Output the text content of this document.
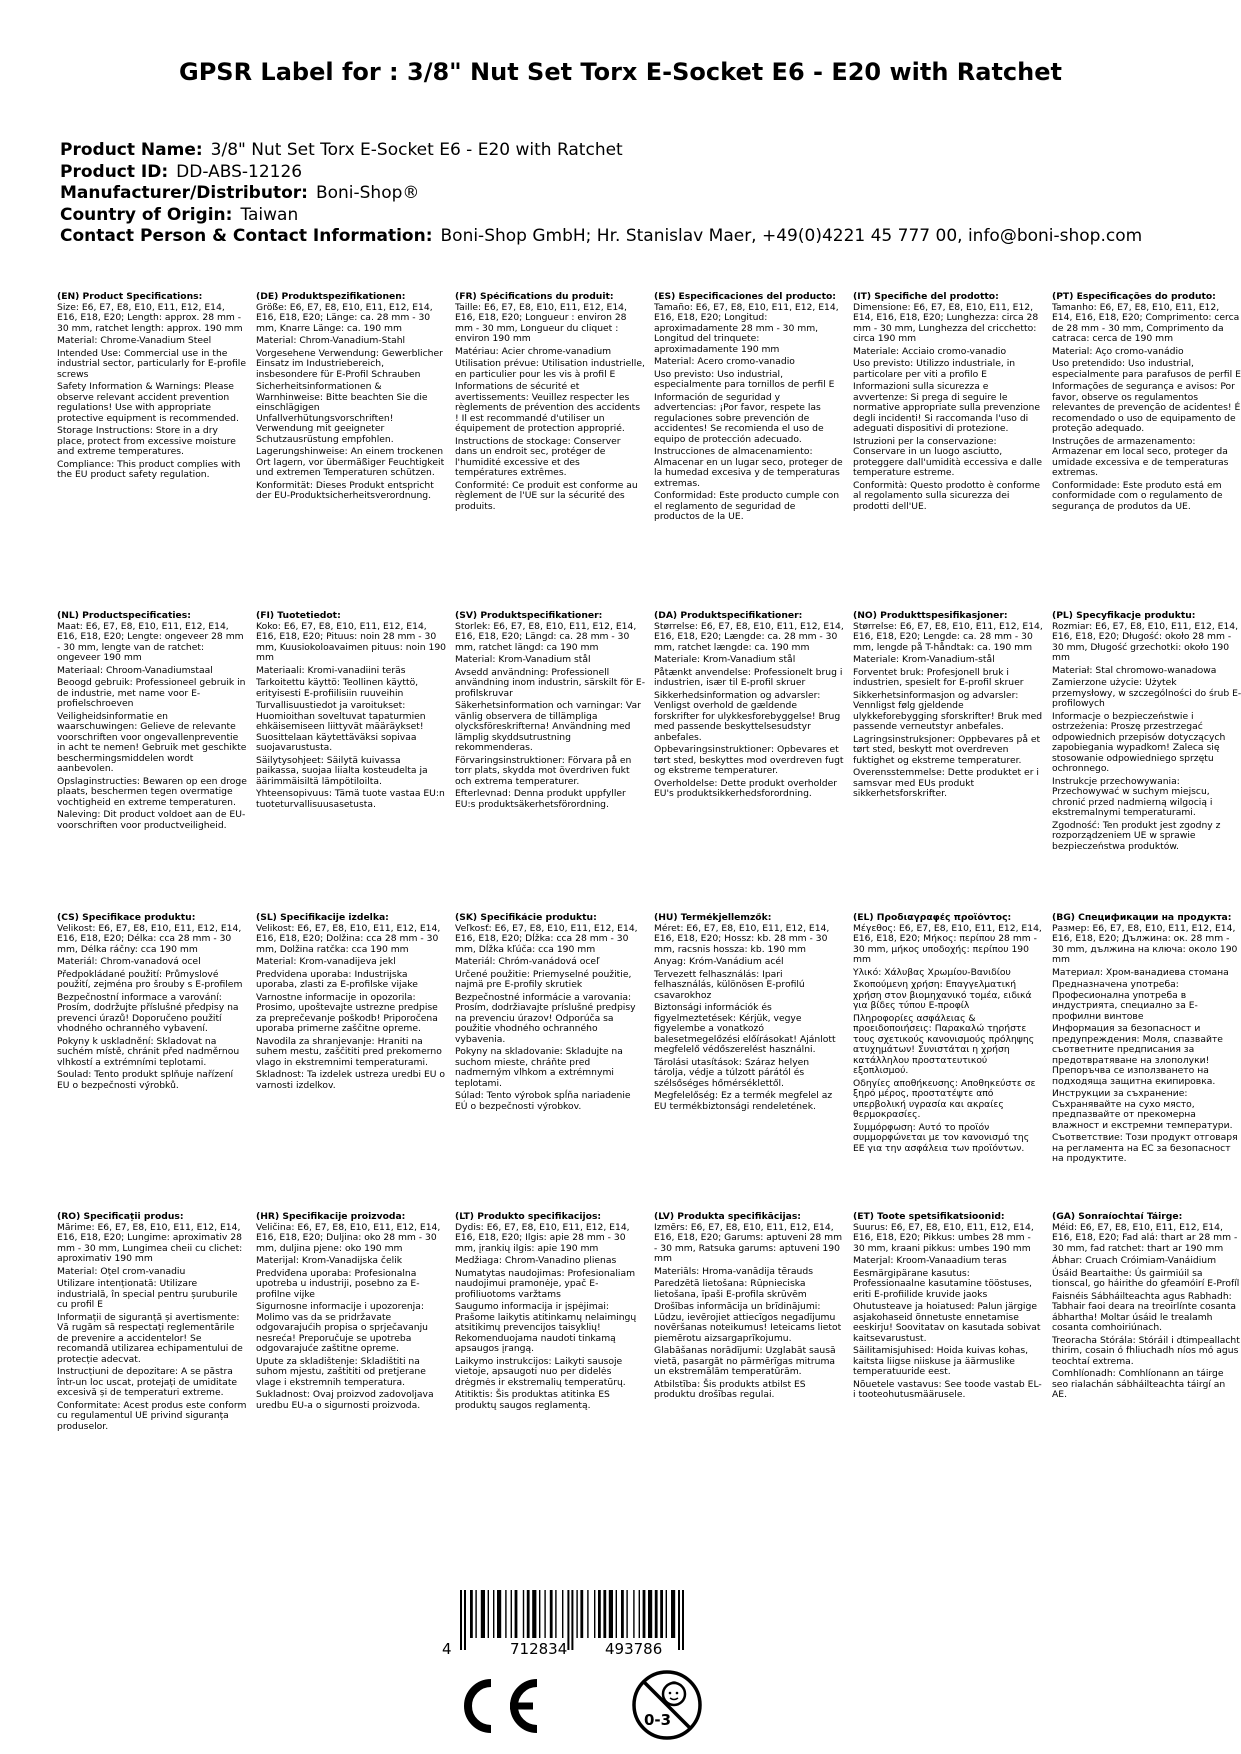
GPSR Label for : 3/8" Nut Set Torx E-Socket E6 - E20 with Ratchet
Product Name: 3/8" Nut Set Torx E-Socket E6 - E20 with Ratchet
Product ID: DD-ABS-12126
Manufacturer/Distributor: Boni-Shop®
Country of Origin: Taiwan
Contact Person & Contact Information: Boni-Shop GmbH; Hr. Stanislav Maer, +49(0)4221 45 777 00, info@boni-shop.com
(EN) Product Specifications:

Size: E6, E7, E8, E10, E11, E12, E14, E16, E18, E20; Length: approx. 28 mm - 30 mm, ratchet length: approx. 190 mm

Material: Chrome-Vanadium Steel

Intended Use: Commercial use in the industrial sector, particularly for E-profile screws

Safety Information & Warnings: Please observe relevant accident prevention regulations! Use with appropriate protective equipment is recommended.

Storage Instructions: Store in a dry place, protect from excessive moisture and extreme temperatures.

Compliance: This product complies with the EU product safety regulation.

(DE) Produktspezifikationen:

Größe: E6, E7, E8, E10, E11, E12, E14, E16, E18, E20; Länge: ca. 28 mm - 30 mm, Knarre Länge: ca. 190 mm

Material: Chrom-Vanadium-Stahl

Vorgesehene Verwendung: Gewerblicher Einsatz im Industriebereich, insbesondere für E-Profil Schrauben

Sicherheitsinformationen & Warnhinweise: Bitte beachten Sie die einschlägigen Unfallverhütungsvorschriften! Verwendung mit geeigneter Schutzausrüstung empfohlen.

Lagerungshinweise: An einem trockenen Ort lagern, vor übermäßiger Feuchtigkeit und extremen Temperaturen schützen.

Konformität: Dieses Produkt entspricht der EU-Produktsicherheitsverordnung.

(FR) Spécifications du produit:

Taille: E6, E7, E8, E10, E11, E12, E14, E16, E18, E20; Longueur : environ 28 mm - 30 mm, Longueur du cliquet : environ 190 mm

Matériau: Acier chrome-vanadium

Utilisation prévue: Utilisation industrielle, en particulier pour les vis à profil E

Informations de sécurité et avertissements: Veuillez respecter les règlements de prévention des accidents ! Il est recommandé d'utiliser un équipement de protection approprié.

Instructions de stockage: Conserver dans un endroit sec, protéger de l'humidité excessive et des températures extrêmes.

Conformité: Ce produit est conforme au règlement de l'UE sur la sécurité des produits.

(ES) Especificaciones del producto:

Tamaño: E6, E7, E8, E10, E11, E12, E14, E16, E18, E20; Longitud: aproximadamente 28 mm - 30 mm, Longitud del trinquete: aproximadamente 190 mm

Material: Acero cromo-vanadio

Uso previsto: Uso industrial, especialmente para tornillos de perfil E

Información de seguridad y advertencias: ¡Por favor, respete las regulaciones sobre prevención de accidentes! Se recomienda el uso de equipo de protección adecuado.

Instrucciones de almacenamiento: Almacenar en un lugar seco, proteger de la humedad excesiva y de temperaturas extremas.

Conformidad: Este producto cumple con el reglamento de seguridad de productos de la UE.

(IT) Specifiche del prodotto:

Dimensione: E6, E7, E8, E10, E11, E12, E14, E16, E18, E20; Lunghezza: circa 28 mm - 30 mm, Lunghezza del cricchetto: circa 190 mm

Materiale: Acciaio cromo-vanadio

Uso previsto: Utilizzo industriale, in particolare per viti a profilo E

Informazioni sulla sicurezza e avvertenze: Si prega di seguire le normative appropriate sulla prevenzione degli incidenti! Si raccomanda l'uso di adeguati dispositivi di protezione.

Istruzioni per la conservazione: Conservare in un luogo asciutto, proteggere dall'umidità eccessiva e dalle temperature estreme.

Conformità: Questo prodotto è conforme al regolamento sulla sicurezza dei prodotti dell'UE.

(PT) Especificações do produto:

Tamanho: E6, E7, E8, E10, E11, E12, E14, E16, E18, E20; Comprimento: cerca de 28 mm - 30 mm, Comprimento da catraca: cerca de 190 mm

Material: Aço cromo-vanádio

Uso pretendido: Uso industrial, especialmente para parafusos de perfil E

Informações de segurança e avisos: Por favor, observe os regulamentos relevantes de prevenção de acidentes! É recomendado o uso de equipamento de proteção adequado.

Instruções de armazenamento: Armazenar em local seco, proteger da umidade excessiva e de temperaturas extremas.

Conformidade: Este produto está em conformidade com o regulamento de segurança de produtos da UE.

(NL) Productspecificaties:

Maat: E6, E7, E8, E10, E11, E12, E14, E16, E18, E20; Lengte: ongeveer 28 mm - 30 mm, lengte van de ratchet: ongeveer 190 mm

Materiaal: Chroom-Vanadiumstaal

Beoogd gebruik: Professioneel gebruik in de industrie, met name voor E-profielschroeven

Veiligheidsinformatie en waarschuwingen: Gelieve de relevante voorschriften voor ongevallenpreventie in acht te nemen! Gebruik met geschikte beschermingsmiddelen wordt aanbevolen.

Opslaginstructies: Bewaren op een droge plaats, beschermen tegen overmatige vochtigheid en extreme temperaturen.

Naleving: Dit product voldoet aan de EU-voorschriften voor productveiligheid.

(FI) Tuotetiedot:

Koko: E6, E7, E8, E10, E11, E12, E14, E16, E18, E20; Pituus: noin 28 mm - 30 mm, Kuusiokoloavaimen pituus: noin 190 mm

Materiaali: Kromi-vanadiini teräs

Tarkoitettu käyttö: Teollinen käyttö, erityisesti E-profiilisiin ruuveihin

Turvallisuustiedot ja varoitukset: Huomioithan soveltuvat tapaturmien ehkäisemiseen liittyvät määräykset! Suosittelaan käytettäväksi sopivaa suojavarustusta.

Säilytysohjeet: Säilytä kuivassa paikassa, suojaa liialta kosteudelta ja äärimmäisiltä lämpötiloilta.

Yhteensopivuus: Tämä tuote vastaa EU:n tuoteturvallisuusasetusta.

(SV) Produktspecifikationer:

Storlek: E6, E7, E8, E10, E11, E12, E14, E16, E18, E20; Längd: ca. 28 mm - 30 mm, ratchet längd: ca 190 mm

Material: Krom-Vanadium stål

Avsedd användning: Professionell användning inom industrin, särskilt för E-profilskruvar

Säkerhetsinformation och varningar: Var vänlig observera de tillämpliga olycksföreskrifterna! Användning med lämplig skyddsutrustning rekommenderas.

Förvaringsinstruktioner: Förvara på en torr plats, skydda mot överdriven fukt och extrema temperaturer.

Efterlevnad: Denna produkt uppfyller EU:s produktsäkerhetsförordning.

(DA) Produktspecifikationer:

Størrelse: E6, E7, E8, E10, E11, E12, E14, E16, E18, E20; Længde: ca. 28 mm - 30 mm, ratchet længde: ca. 190 mm

Materiale: Krom-Vanadium stål

Påtænkt anvendelse: Professionelt brug i industrien, især til E-profil skruer

Sikkerhedsinformation og advarsler: Venligst overhold de gældende forskrifter for ulykkesforebyggelse! Brug med passende beskyttelsesudstyr anbefales.

Opbevaringsinstruktioner: Opbevares et tørt sted, beskyttes mod overdreven fugt og ekstreme temperaturer.

Overholdelse: Dette produkt overholder EU's produktsikkerhedsforordning.

(NO) Produkttspesifikasjoner:

Størrelse: E6, E7, E8, E10, E11, E12, E14, E16, E18, E20; Lengde: ca. 28 mm - 30 mm, lengde på T-håndtak: ca. 190 mm

Materiale: Krom-Vanadium-stål

Forventet bruk: Profesjonell bruk i industrien, spesielt for E-profil skruer

Sikkerhetsinformasjon og advarsler: Vennligst følg gjeldende ulykkeforebygging sforskrifter! Bruk med passende verneutstyr anbefales.

Lagringsinstruksjoner: Oppbevares på et tørt sted, beskytt mot overdreven fuktighet og ekstreme temperaturer.

Overensstemmelse: Dette produktet er i samsvar med EUs produkt sikkerhetsforskrifter.

(PL) Specyfikacje produktu:

Rozmiar: E6, E7, E8, E10, E11, E12, E14, E16, E18, E20; Długość: około 28 mm - 30 mm, Długość grzechotki: około 190 mm

Materiał: Stal chromowo-wanadowa

Zamierzone użycie: Użytek przemysłowy, w szczególności do śrub E-profilowych

Informacje o bezpieczeństwie i ostrzeżenia: Proszę przestrzegać odpowiednich przepisów dotyczących zapobiegania wypadkom! Zaleca się stosowanie odpowiedniego sprzętu ochronnego.

Instrukcje przechowywania: Przechowywać w suchym miejscu, chronić przed nadmierną wilgocią i ekstremalnymi temperaturami.

Zgodność: Ten produkt jest zgodny z rozporządzeniem UE w sprawie bezpieczeństwa produktów.

(CS) Specifikace produktu:

Velikost: E6, E7, E8, E10, E11, E12, E14, E16, E18, E20; Délka: cca 28 mm - 30 mm, Délka ráčny: cca 190 mm

Materiál: Chrom-vanadová ocel

Předpokládané použití: Průmyslové použití, zejména pro šrouby s E-profilem

Bezpečnostní informace a varování: Prosím, dodržujte příslušné předpisy na prevenci úrazů! Doporučeno použití vhodného ochranného vybavení.

Pokyny k uskladnění: Skladovat na suchém místě, chránit před nadměrnou vlhkostí a extrémními teplotami.

Soulad: Tento produkt splňuje nařízení EU o bezpečnosti výrobků.

(SL) Specifikacije izdelka:

Velikost: E6, E7, E8, E10, E11, E12, E14, E16, E18, E20; Dolžina: cca 28 mm - 30 mm, Dolžina ratčka: cca 190 mm

Material: Krom-vanadijeva jekl

Predvidena uporaba: Industrijska uporaba, zlasti za E-profilske vijake

Varnostne informacije in opozorila: Prosimo, upoštevajte ustrezne predpise za preprečevanje poškodb! Priporočena uporaba primerne zaščitne opreme.

Navodila za shranjevanje: Hraniti na suhem mestu, zaščititi pred prekomerno vlago in ekstremnimi temperaturami.

Skladnost: Ta izdelek ustreza uredbi EU o varnosti izdelkov.

(SK) Špecifikácie produktu:

Veľkosť: E6, E7, E8, E10, E11, E12, E14, E16, E18, E20; Dĺžka: cca 28 mm - 30 mm, Dĺžka kľúča: cca 190 mm

Materiál: Chróm-vanádová oceľ

Určené použitie: Priemyselné použitie, najmä pre E-profily skrutiek

Bezpečnostné informácie a varovania: Prosím, dodržiavajte príslušné predpisy na prevenciu úrazov! Odporúča sa použitie vhodného ochranného vybavenia.

Pokyny na skladovanie: Skladujte na suchom mieste, chráňte pred nadmerným vlhkom a extrémnymi teplotami.

Súlad: Tento výrobok spĺňa nariadenie EÚ o bezpečnosti výrobkov.

(HU) Termékjellemzők:

Méret: E6, E7, E8, E10, E11, E12, E14, E16, E18, E20; Hossz: kb. 28 mm - 30 mm, racsnis hossza: kb. 190 mm

Anyag: Króm-Vanádium acél

Tervezett felhasználás: Ipari felhasználás, különösen E-profilú csavarokhoz

Biztonsági információk és figyelmeztetések: Kérjük, vegye figyelembe a vonatkozó balesetmegelőzési előírásokat! Ajánlott megfelelő védőszerelést használni.

Tárolási utasítások: Száraz helyen tárolja, védje a túlzott párától és szélsőséges hőmérséklettől.

Megfelelőség: Ez a termék megfelel az EU termékbiztonsági rendeletének.

(EL) Προδιαγραφές προϊόντος:

Μέγεθος: E6, E7, E8, E10, E11, E12, E14, E16, E18, E20; Μήκος: περίπου 28 mm - 30 mm, μήκος υποδοχής: περίπου 190 mm

Υλικό: Χάλυβας Χρωμίου-Βανιδίου

Σκοπούμενη χρήση: Επαγγελματική χρήση στον βιομηχανικό τομέα, ειδικά για βίδες τύπου E-προφίλ

Πληροφορίες ασφάλειας & προειδοποιήσεις: Παρακαλώ τηρήστε τους σχετικούς κανονισμούς πρόληψης ατυχημάτων! Συνιστάται η χρήση κατάλληλου προστατευτικού εξοπλισμού.

Οδηγίες αποθήκευσης: Αποθηκεύστε σε ξηρό μέρος, προστατέψτε από υπερβολική υγρασία και ακραίες θερμοκρασίες.

Συμμόρφωση: Αυτό το προϊόν συμμορφώνεται με τον κανονισμό της ΕΕ για την ασφάλεια των προϊόντων.

(BG) Спецификации на продукта:

Размер: E6, E7, E8, E10, E11, E12, E14, E16, E18, E20; Дължина: ок. 28 mm - 30 mm, дължина на ключа: около 190 mm

Материал: Хром-ванадиева стомана

Предназначена употреба: Професионална употреба в индустрията, специално за E-профилни винтове

Информация за безопасност и предупреждения: Моля, спазвайте съответните предписания за предотвратяване на злополуки! Препоръчва се използването на подходяща защитна екипировка.

Инструкции за съхранение: Съхранявайте на сухо място, предпазвайте от прекомерна влажност и екстремни температури.

Съответствие: Този продукт отговаря на регламента на ЕС за безопасност на продуктите.

(RO) Specificații produs:

Mărime: E6, E7, E8, E10, E11, E12, E14, E16, E18, E20; Lungime: aproximativ 28 mm - 30 mm, Lungimea cheii cu clichet: aproximativ 190 mm

Material: Oțel crom-vanadiu

Utilizare intenționată: Utilizare industrială, în special pentru șuruburile cu profil E

Informații de siguranță și avertismente: Vă rugăm să respectați reglementările de prevenire a accidentelor! Se recomandă utilizarea echipamentului de protecție adecvat.

Instrucțiuni de depozitare: A se păstra într-un loc uscat, protejați de umiditate excesivă și de temperaturi extreme.

Conformitate: Acest produs este conform cu regulamentul UE privind siguranța produselor.

(HR) Specifikacije proizvoda:

Veličina: E6, E7, E8, E10, E11, E12, E14, E16, E18, E20; Duljina: oko 28 mm - 30 mm, duljina pjene: oko 190 mm

Materijal: Krom-Vanadijska čelik

Predviđena uporaba: Profesionalna upotreba u industriji, posebno za E-profilne vijke

Sigurnosne informacije i upozorenja: Molimo vas da se pridržavate odgovarajućih propisa o sprječavanju nesreća! Preporučuje se upotreba odgovarajuće zaštitne opreme.

Upute za skladištenje: Skladištiti na suhom mjestu, zaštititi od pretjerane vlage i ekstremnih temperatura.

Sukladnost: Ovaj proizvod zadovoljava uredbu EU-a o sigurnosti proizvoda.

(LT) Produkto specifikacijos:

Dydis: E6, E7, E8, E10, E11, E12, E14, E16, E18, E20; Ilgis: apie 28 mm - 30 mm, įrankių ilgis: apie 190 mm

Medžiaga: Chrom-Vanadino plienas

Numatytas naudojimas: Profesionaliam naudojimui pramonėje, ypač E-profiliuotoms varžtams

Saugumo informacija ir įspėjimai: Prašome laikytis atitinkamų nelaimingų atsitikimų prevencijos taisyklių! Rekomenduojama naudoti tinkamą apsaugos įrangą.

Laikymo instrukcijos: Laikyti sausoje vietoje, apsaugoti nuo per didelės drėgmės ir ekstremalių temperatūrų.

Atitiktis: Šis produktas atitinka ES produktų saugos reglamentą.

(LV) Produkta specifikācijas:

Izmērs: E6, E7, E8, E10, E11, E12, E14, E16, E18, E20; Garums: aptuveni 28 mm - 30 mm, Ratsuka garums: aptuveni 190 mm

Materiāls: Hroma-vanādija tērauds

Paredzētā lietošana: Rūpnieciska lietošana, īpaši E-profila skrūvēm

Drošības informācija un brīdinājumi: Lūdzu, ievērojiet attiecīgos negadījumu novēršanas noteikumus! Ieteicams lietot piemērotu aizsargaprīkojumu.

Glabāšanas norādījumi: Uzglabāt sausā vietā, pasargāt no pārmērīgas mitruma un ekstremālām temperatūrām.

Atbilstība: Šis produkts atbilst ES produktu drošības regulai.

(ET) Toote spetsifikatsioonid:

Suurus: E6, E7, E8, E10, E11, E12, E14, E16, E18, E20; Pikkus: umbes 28 mm - 30 mm, kraani pikkus: umbes 190 mm

Materjal: Kroom-Vanaadium teras

Eesmärgipärane kasutus: Professionaalne kasutamine tööstuses, eriti E-profiilide kruvide jaoks

Ohutusteave ja hoiatused: Palun järgige asjakohaseid õnnetuste ennetamise eeskirju! Soovitatav on kasutada sobivat kaitsevarustust.

Säilitamisjuhised: Hoida kuivas kohas, kaitsta liigse niiskuse ja äärmuslike temperatuuride eest.

Nõuetele vastavus: See toode vastab EL-i tooteohutusmäärusele.

(GA) Sonraíochtaí Táirge:

Méid: E6, E7, E8, E10, E11, E12, E14, E16, E18, E20; Fad alá: thart ar 28 mm - 30 mm, fad ratchet: thart ar 190 mm

Ábhar: Cruach Cróimiam-Vanáidium

Úsáid Beartaithe: Ús gairmiúil sa tionscal, go háirithe do gfeamóirí E-Profíl

Faisnéis Sábháilteachta agus Rabhadh: Tabhair faoi deara na treoirlínte cosanta ábhartha! Moltar úsáid le trealamh cosanta comhoiriúnach.

Treoracha Stórála: Stóráil i dtimpeallacht thirim, cosain ó fhliuchadh níos mó agus teochtaí extrema.

Comhlíonadh: Comhlíonann an táirge seo rialachán sábháilteachta táirgí an AE.

4	712834	493786
0-3
